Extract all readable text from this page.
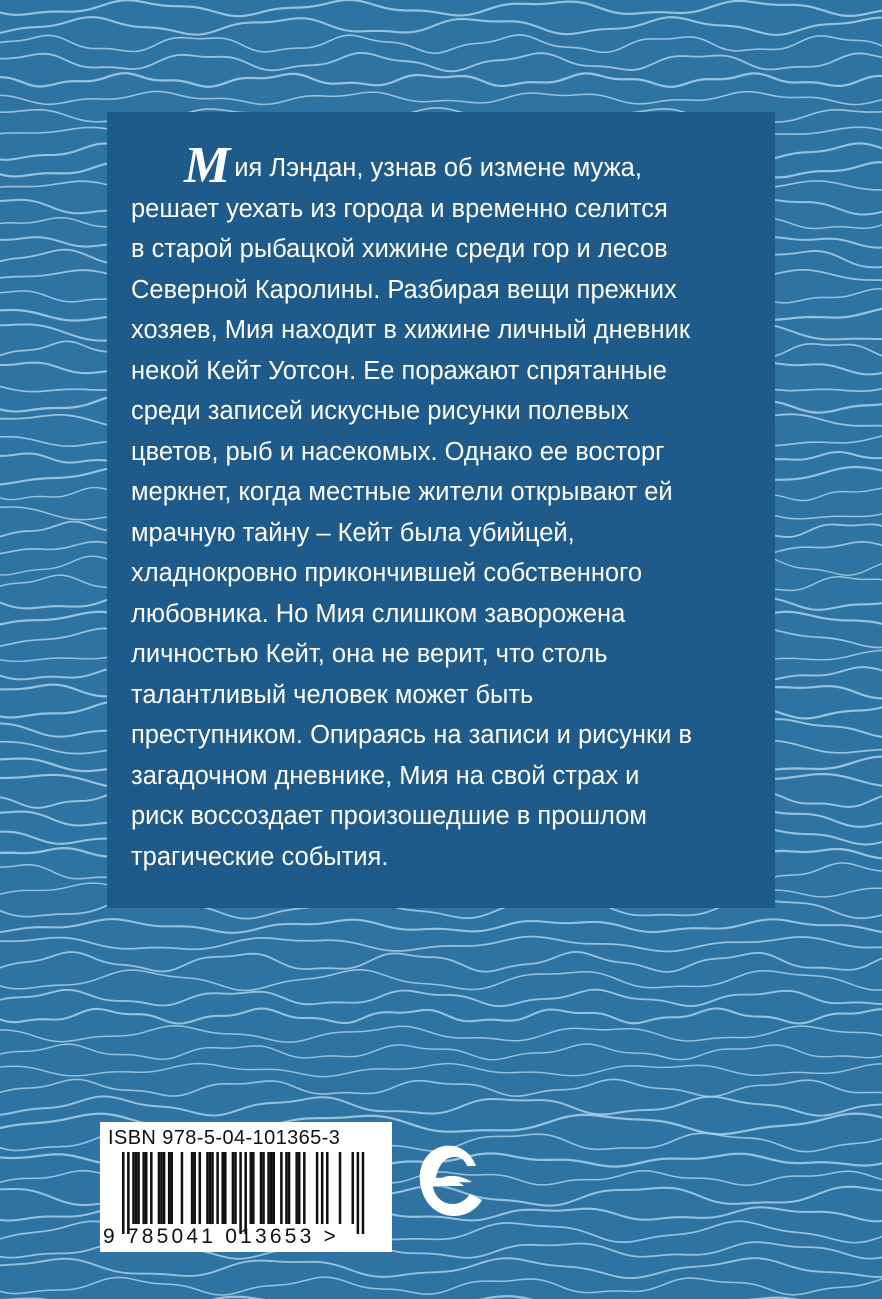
Мия Лэндан, узнав об измене мужа,
решает уехать из города и временно селится
в старой рыбацкой хижине среди гор и лесов
Северной Каролины. Разбирая вещи прежних
хозяев, Мия находит в хижине личный дневник
некой Кейт Уотсон. Ее поражают спрятанные
среди записей искусные рисунки полевых
цветов, рыб и насекомых. Однако ее восторг
меркнет, когда местные жители открывают ей
мрачную тайну – Кейт была убийцей,
хладнокровно прикончившей собственного
любовника. Но Мия слишком заворожена
личностью Кейт, она не верит, что столь
талантливый человек может быть
преступником. Опираясь на записи и рисунки в
загадочном дневнике, Мия на свой страх и
риск воссоздает произошедшие в прошлом
трагические события.

ISBN 978-5-04-101365-3
9 785041 013653 >
